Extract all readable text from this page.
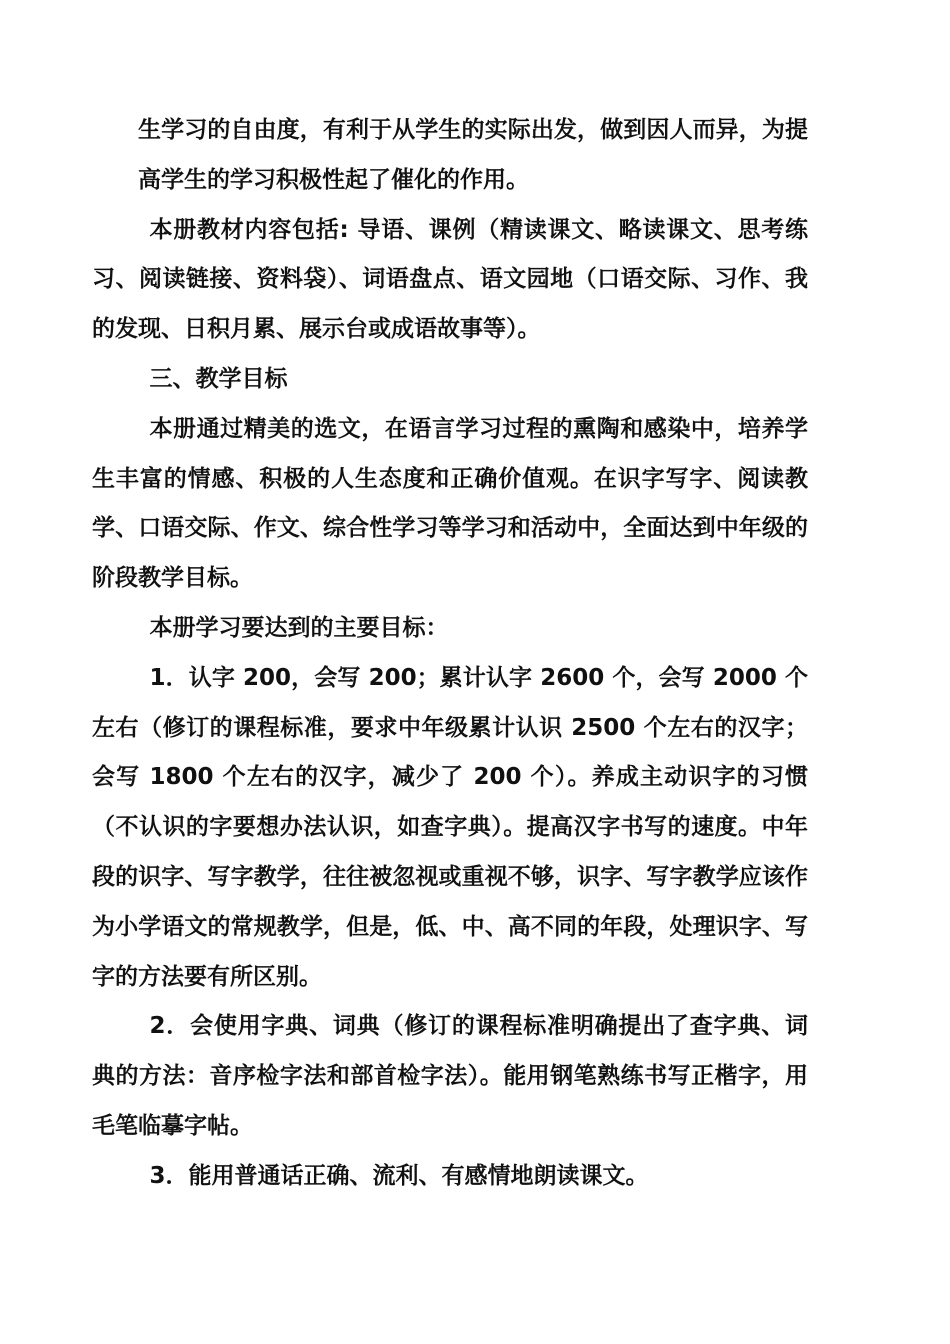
生学习的自由度，有利于从学生的实际出发，做到因人而异，为提高学生的学习积极性起了催化的作用。

本册教材内容包括: 导语、课例（精读课文、略读课文、思考练习、阅读链接、资料袋）、词语盘点、语文园地（口语交际、习作、我的发现、日积月累、展示台或成语故事等）。

三、教学目标

本册通过精美的选文，在语言学习过程的熏陶和感染中，培养学生丰富的情感、积极的人生态度和正确价值观。在识字写字、阅读教学、口语交际、作文、综合性学习等学习和活动中，全面达到中年级的阶段教学目标。

本册学习要达到的主要目标：

1．认字 200，会写 200；累计认字 2600 个，会写 2000 个左右（修订的课程标准，要求中年级累计认识 2500 个左右的汉字；会写 1800 个左右的汉字，减少了 200 个）。养成主动识字的习惯（不认识的字要想办法认识，如查字典）。提高汉字书写的速度。中年段的识字、写字教学，往往被忽视或重视不够，识字、写字教学应该作为小学语文的常规教学，但是，低、中、高不同的年段，处理识字、写字的方法要有所区别。

2．会使用字典、词典（修订的课程标准明确提出了查字典、词典的方法：音序检字法和部首检字法）。能用钢笔熟练书写正楷字，用毛笔临摹字帖。

3．能用普通话正确、流利、有感情地朗读课文。
